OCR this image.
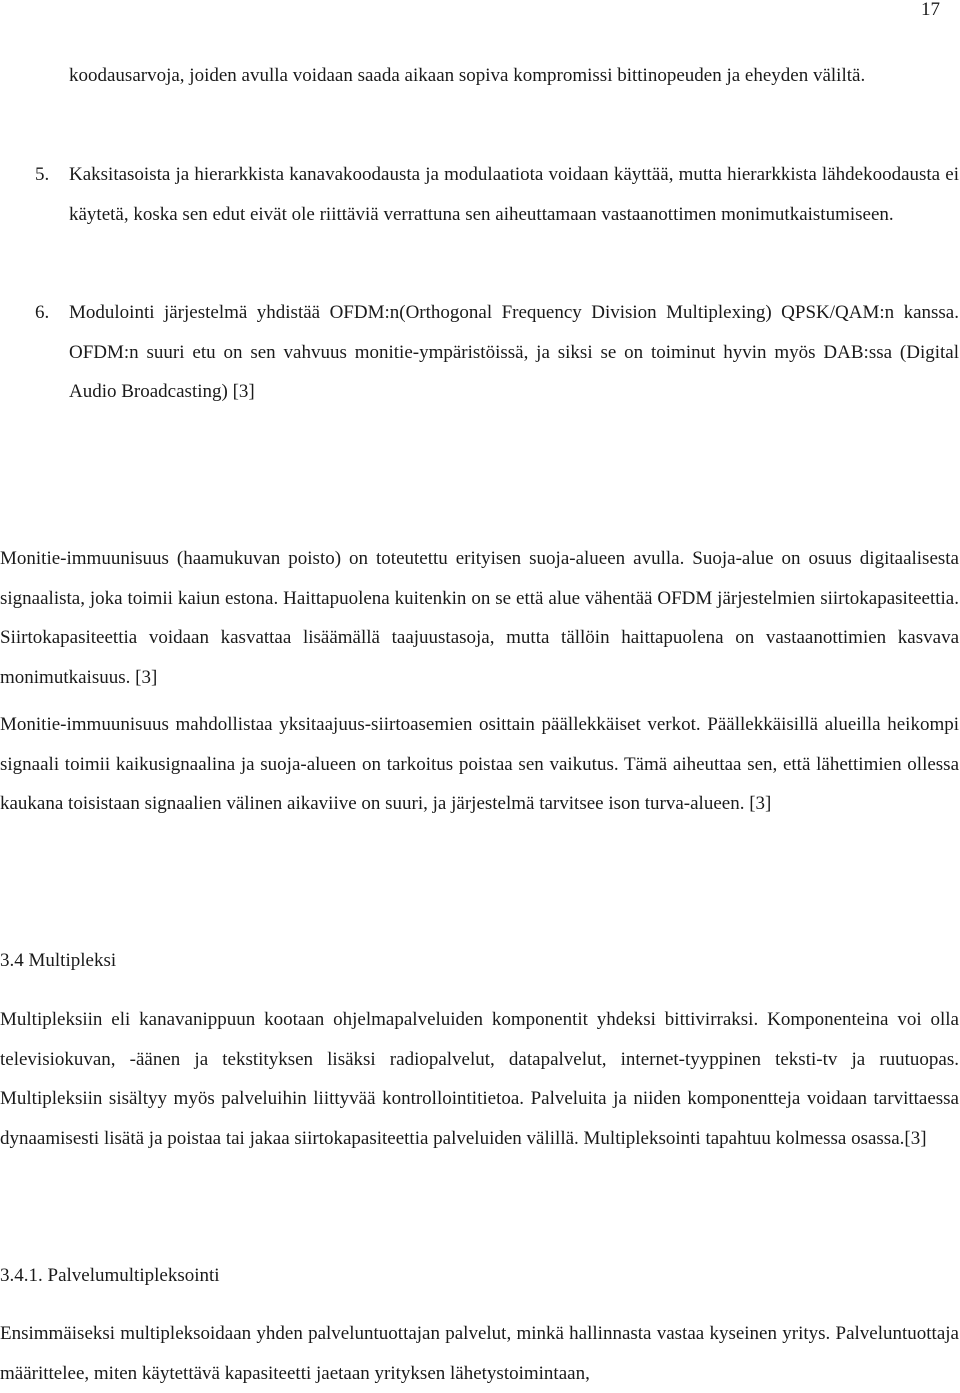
17

koodausarvoja, joiden avulla voidaan saada aikaan sopiva kompromissi bittinopeuden ja eheyden väliltä.

5. Kaksitasoista ja hierarkkista kanavakoodausta ja modulaatiota voidaan käyttää, mutta hierarkkista lähdekoodausta ei käytetä, koska sen edut eivät ole riittäviä verrattuna sen aiheuttamaan vastaanottimen monimutkaistumiseen.

6. Modulointi järjestelmä yhdistää OFDM:n(Orthogonal Frequency Division Multiplexing) QPSK/QAM:n kanssa. OFDM:n suuri etu on sen vahvuus monitie-ympäristöissä, ja siksi se on toiminut hyvin myös DAB:ssa (Digital Audio Broadcasting) [3]

Monitie-immuunisuus (haamukuvan poisto) on toteutettu erityisen suoja-alueen avulla. Suoja-alue on osuus digitaalisesta signaalista, joka toimii kaiun estona. Haittapuolena kuitenkin on se että alue vähentää OFDM järjestelmien siirtokapasiteettia. Siirtokapasiteettia voidaan kasvattaa lisäämällä taajuustasoja, mutta tällöin haittapuolena on vastaanottimien kasvava monimutkaisuus. [3]

Monitie-immuunisuus mahdollistaa yksitaajuus-siirtoasemien osittain päällekkäiset verkot. Päällekkäisillä alueilla heikompi signaali toimii kaikusignaalina ja suoja-alueen on tarkoitus poistaa sen vaikutus. Tämä aiheuttaa sen, että lähettimien ollessa kaukana toisistaan signaalien välinen aikaviive on suuri, ja järjestelmä tarvitsee ison turva-alueen. [3]

3.4 Multipleksi

Multipleksiin eli kanavanippuun kootaan ohjelmapalveluiden komponentit yhdeksi bittivirraksi. Komponenteina voi olla televisiokuvan, -äänen ja tekstityksen lisäksi radiopalvelut, datapalvelut, internet-tyyppinen teksti-tv ja ruutuopas. Multipleksiin sisältyy myös palveluihin liittyvää kontrollointitietoa. Palveluita ja niiden komponentteja voidaan tarvittaessa dynaamisesti lisätä ja poistaa tai jakaa siirtokapasiteettia palveluiden välillä. Multipleksointi tapahtuu kolmessa osassa.[3]

3.4.1. Palvelumultipleksointi

Ensimmäiseksi multipleksoidaan yhden palveluntuottajan palvelut, minkä hallinnasta vastaa kyseinen yritys. Palveluntuottaja määrittelee, miten käytettävä kapasiteetti jaetaan yrityksen lähetystoimintaan,
